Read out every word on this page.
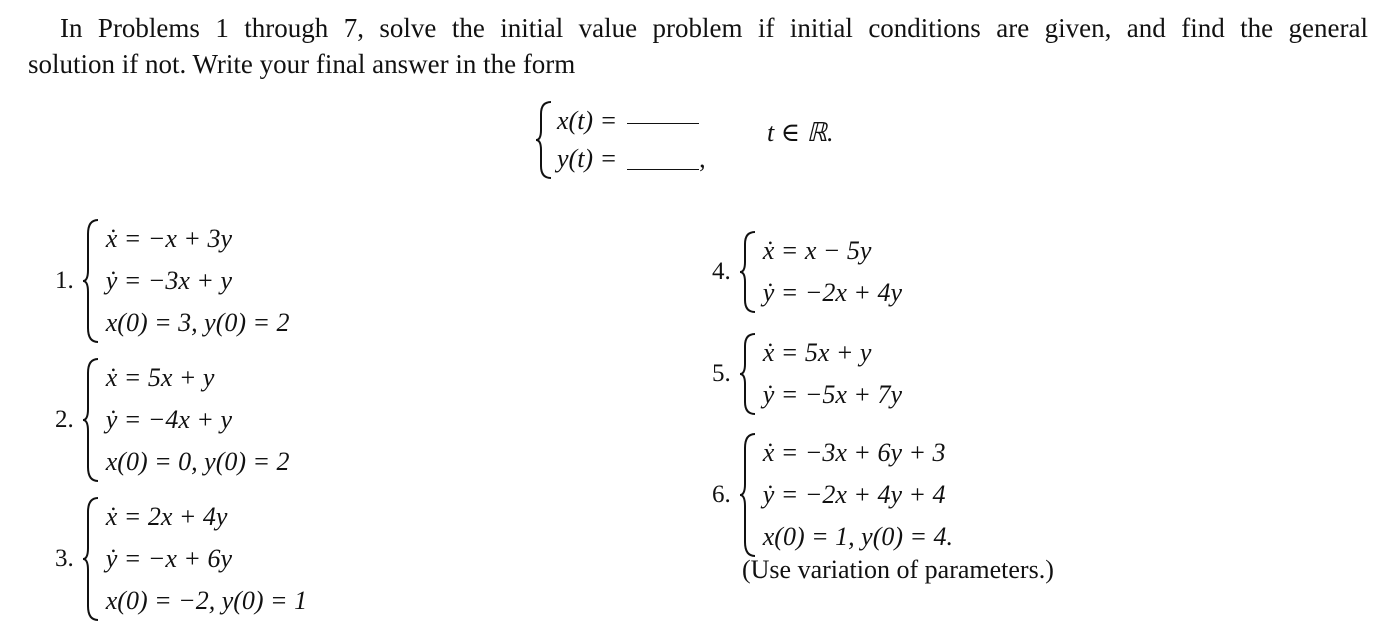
In Problems 1 through 7, solve the initial value problem if initial conditions are given, and find the general
solution if not. Write your final answer in the form
x(t) =
y(t) =	,
t ∈ ℝ.
1.
ẋ = −x + 3y
ẏ = −3x + y
x(0) = 3, y(0) = 2
2.
ẋ = 5x + y
ẏ = −4x + y
x(0) = 0, y(0) = 2
3.
ẋ = 2x + 4y
ẏ = −x + 6y
x(0) = −2, y(0) = 1
4.
ẋ = x − 5y
ẏ = −2x + 4y
5.
ẋ = 5x + y
ẏ = −5x + 7y
6.
ẋ = −3x + 6y + 3
ẏ = −2x + 4y + 4
x(0) = 1, y(0) = 4.
(Use variation of parameters.)
